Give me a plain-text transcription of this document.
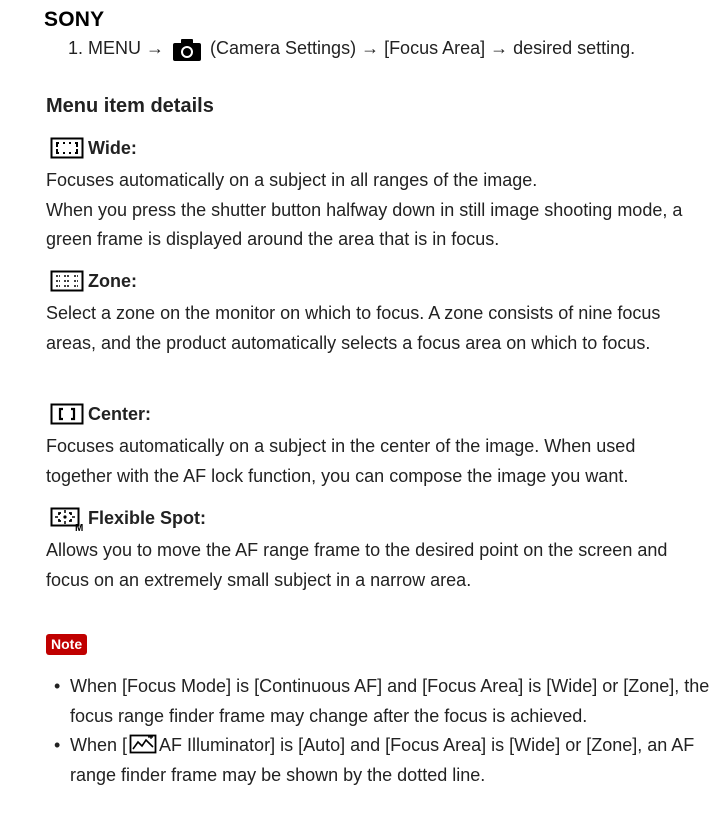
SONY
1. MENU →	(Camera Settings) → [Focus Area] → desired setting.
Menu item details
Wide:
Focuses automatically on a subject in all ranges of the image.
When you press the shutter button halfway down in still image shooting mode, a green frame is displayed around the area that is in focus.
Zone:
Select a zone on the monitor on which to focus. A zone consists of nine focus areas, and the product automatically selects a focus area on which to focus.
Center:
Focuses automatically on a subject in the center of the image. When used together with the AF lock function, you can compose the image you want.
M
Flexible Spot:
Allows you to move the AF range frame to the desired point on the screen and focus on an extremely small subject in a narrow area.
Note
• When [Focus Mode] is [Continuous AF] and [Focus Area] is [Wide] or [Zone], the focus range finder frame may change after the focus is achieved.
• When [ AF Illuminator] is [Auto] and [Focus Area] is [Wide] or [Zone], an AF range finder frame may be shown by the dotted line.
